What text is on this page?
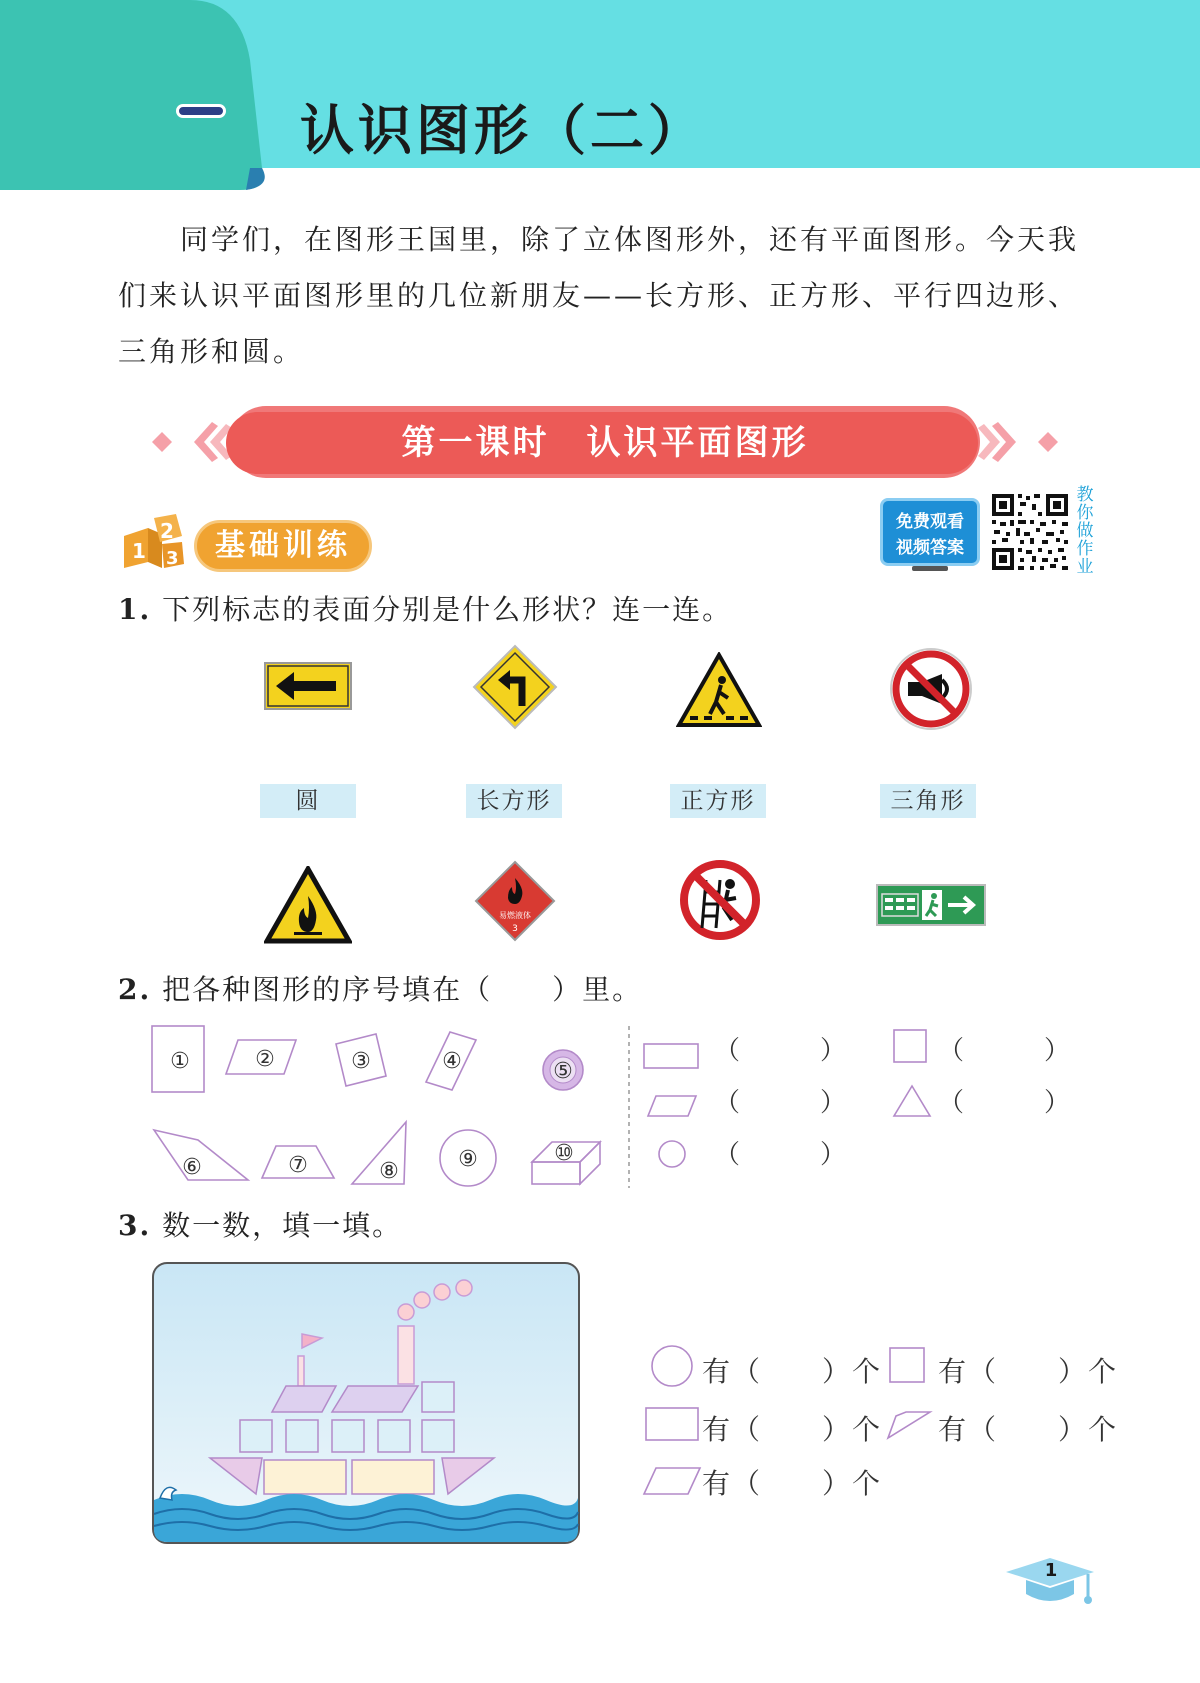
认识图形（二）
同学们，在图形王国里，除了立体图形外，还有平面图形。今天我们来认识平面图形里的几位新朋友——长方形、正方形、平行四边形、三角形和圆。
第一课时　认识平面图形
1
2
3	基础训练
免费观看
视频答案
教
你
做
作
业
1. 下列标志的表面分别是什么形状？连一连。
圆	长方形	正方形	三角形
易燃液体
3
2. 把各种图形的序号填在（　　）里。
①	②	③	④	⑤
⑥	⑦	⑧	⑨	⑩
（	）	（	）
（	）	（	）
（	）
3. 数一数，填一填。
有（　　）个 有（　　）个
有（　　）个 有（　　）个
有（　　）个
1
